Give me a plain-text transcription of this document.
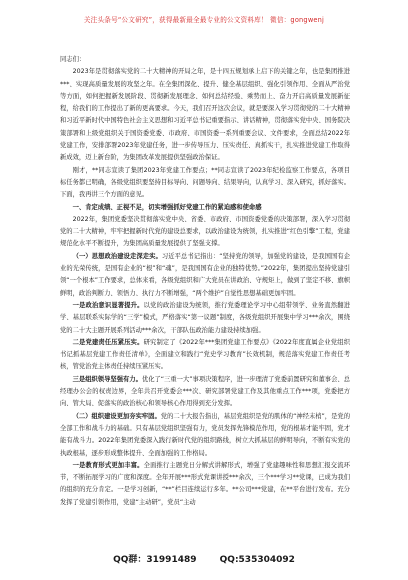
关注头条号“公文研究”，获得最新最全最专业的公文资料库！ 微信：gongwenj

同志们：

2023年是贯彻落实党的二十大精神的开局之年，是十四五规划承上启下的关键之年，也是集团推进***、实现高质量发展的攻坚之年。在全集团深化、提升、健全基层组织、强化引领作用、全面从严治党等方面，如何把握新发展阶段、贯彻新发展理念、如何总结经验、乘势而上、奋力开启高质量发展新征程，给我们的工作提出了新的更高要求。今天，我们召开这次会议，就是要深入学习贯彻党的二十大精神和习近平新时代中国特色社会主义思想和习近平总书记重要指示、讲话精神，贯彻落实党中央、国务院决策部署和上级党组织关于国资委党委、市政府、市国资委一系列重要会议、文件要求，全面总结2022年党建工作，安排部署2023年党建任务，进一步传导压力、压实责任、真抓实干，扎实推进党建工作取得新成效，迈上新台阶，为集团改革发展提供坚强政治保证。

刚才，**同志宣读了集团2023年党建工作要点；**同志宣读了2023年纪检监察工作要点，各项目标任务都已明确，各级党组织要坚持目标导向、问题导向、结果导向，认真学习、深入研究，抓好落实。下面，我再讲三个方面的意见。

一、肯定成绩、正视不足，切实增强抓好党建工作的紧迫感和使命感

2022年，集团党委坚决贯彻落实党中央、省委、市政府、市国资委党委的决策部署，深入学习贯彻党的二十大精神，牢牢把握新时代党的建设总要求，以政治建设为统领，扎实推进“红色引擎”工程，党建规范化水平不断提升，为集团高质量发展提供了坚强支撑。

（一）思想政治建设走深走实。习近平总书记指出：“坚持党的领导，加强党的建设，是我国国有企业的光荣传统，是国有企业的“根”和“魂”，是我国国有企业的独特优势。”2022年，集团提出坚持党建引领“一个根本”工作要求，总体来看，各级党组织和广大党员在讲政治、守规矩上，做到了坚定不移、旗帜鲜明，政治判断力、领悟力、执行力不断增强，“两个维护”自觉性思想基础更加牢固。

一是政治意识显著提升。以党的政治建设为统领，推行党委理论学习中心组带领学、业务直然翻进学、基层联系实际学的“三学”模式，严格落实“第一议题”制度，各级党组织开展集中学习***余次，围绕党的二十大主题开展系列活动***余次，干部队伍政治能力建设持续加强。

二是党建责任压紧压实。研究制定了《2022年***集团党建工作要点》《2022年度直属企业党组织书记抓基层党建工作责任清单》，全面建立和践行“党史学习教育”长效机制，规范落实党建工作责任考核，管党治党主体责任持续压紧压实。

三是组织领导坚强有力。优化了“三重一大”事项决策程序，进一步理清了党委前置研究和董事会、总经理办公会的权责边界，全年共召开党委会***次、研究部署党建工作及其他重点工作***项，党委把方向、管大局、促落实的政治核心和领导核心作用得到充分发挥。

（二）组织建设更加夯实牢固。党的二十大报告指出，基层党组织是党的肌体的“神经末梢”，是党的全部工作和战斗力的基础。只有基层党组织坚强有力，党员发挥先锋模范作用，党的根基才能牢固，党才能有战斗力。2022年集团党委深入践行新时代党的组织路线，树立大抓基层的鲜明导向，不断有实党的执政根基，逐步形成整体提升、全面加强的工作格局。

一是教育形式更加丰富。全面推行主题党日分解式讲解形式，增强了党建趣味性和思想汇报交流环节，不断拓展学习的广度和深度。全年开展***形式党课讲授***余次，三个***学习**党课，已成为我们的组织的充分肯定。一是学习创新，“**”栏目连续运行多年。**公司***党建，在**平台进行发布。充分发挥了党建引领作用，党建“主动研”，党员“主动

QQ群：31991489	QQ:535304092
